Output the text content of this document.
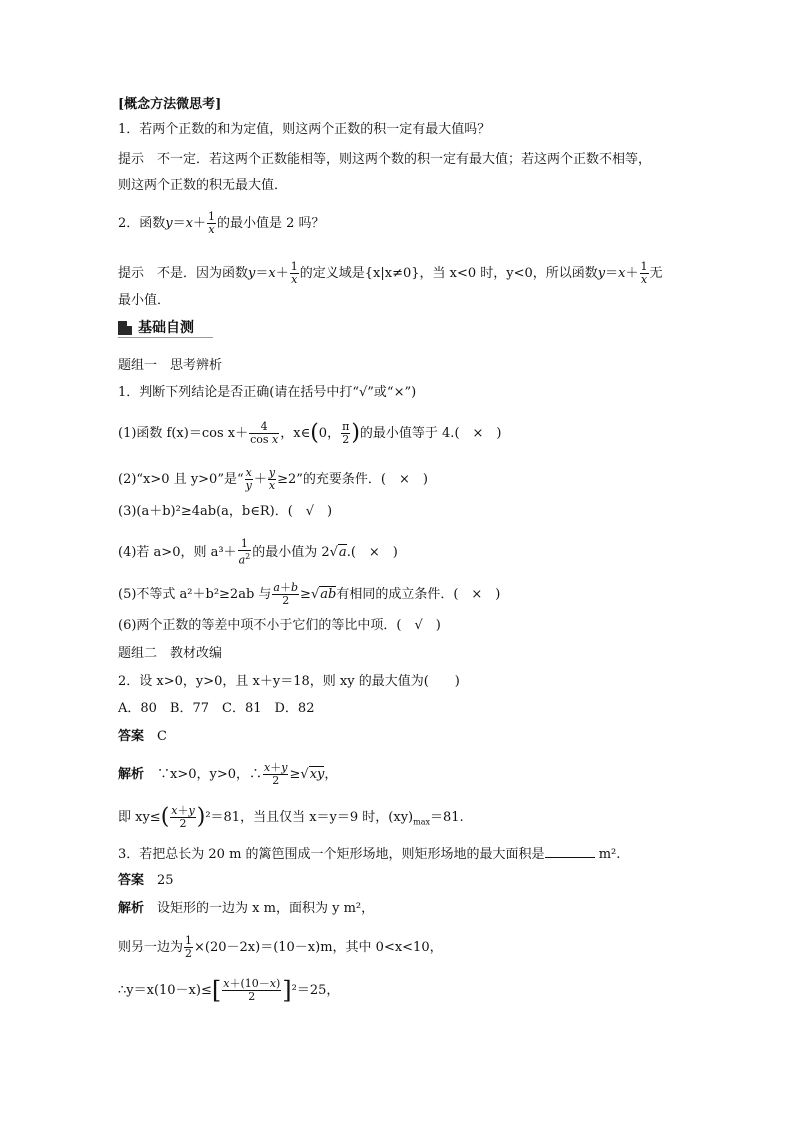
[概念方法微思考]
1．若两个正数的和为定值，则这两个正数的积一定有最大值吗？
提示　不一定．若这两个正数能相等，则这两个数的积一定有最大值；若这两个正数不相等，
则这两个正数的积无最大值．
2．函数$y=x+ \frac{1}{x}$ 的最小值是 2 吗？
提示　不是．因为函数$y=x+ \frac{1}{x}$ 的定义域是{x|x≠0}，当 x<0 时，y<0，所以函数$y=x+ \frac{1}{x}$ 无
最小值．
基础自测
题组一　思考辨析
1．判断下列结论是否正确(请在括号中打“√”或“×”)
(1)函数 f(x)＝cos $x+ \frac{4}{\text{cos x}}$ ，x∈(0， $\frac{\pi}{2}$ )的最小值等于 4.(　×　)
(2)“x>0 且 y>0”是“ $\frac{x}{y} + \frac{y}{x} \ge 2$”的充要条件．(　×　)
(3)(a＋b)²≥4ab(a，b∈R)．(　√　)
(4)若 a>0，则 $a^3+ \frac{1}{a^2}$ 的最小值为 2√a.(　×　)
(5)不等式 a²＋b²≥2ab 与 $\frac{a+b}{2} \ge√ab$有相同的成立条件．(　×　)
(6)两个正数的等差中项不小于它们的等比中项．(　√　)
题组二　教材改编
2．设 x>0，y>0，且 x＋y＝18，则 xy 的最大值为(　　)
A．80　B．77　C．81　D．82
答案　 C
解析　 ∵x>0，y>0，∴ $\frac{x+y}{2} \ge√xy$，
即 $xy\le( \frac{x+y}{2} )^2=81$，当且仅当 x＝y＝9 时，$(xy)_{max}=81$.
3．若把总长为 20 m 的篱笆围成一个矩形场地，则矩形场地的最大面积是	m².
答案　 25
解析　 设矩形的一边为 x m，面积为 y m²，
则另一边为 $\frac{1}{2} \times(20-2x)=(10-x)m$，其中 0<x<10，
∴y＝x(10－x)≤[ $\frac{x+(10-x)}{2} ]^2=25$，
